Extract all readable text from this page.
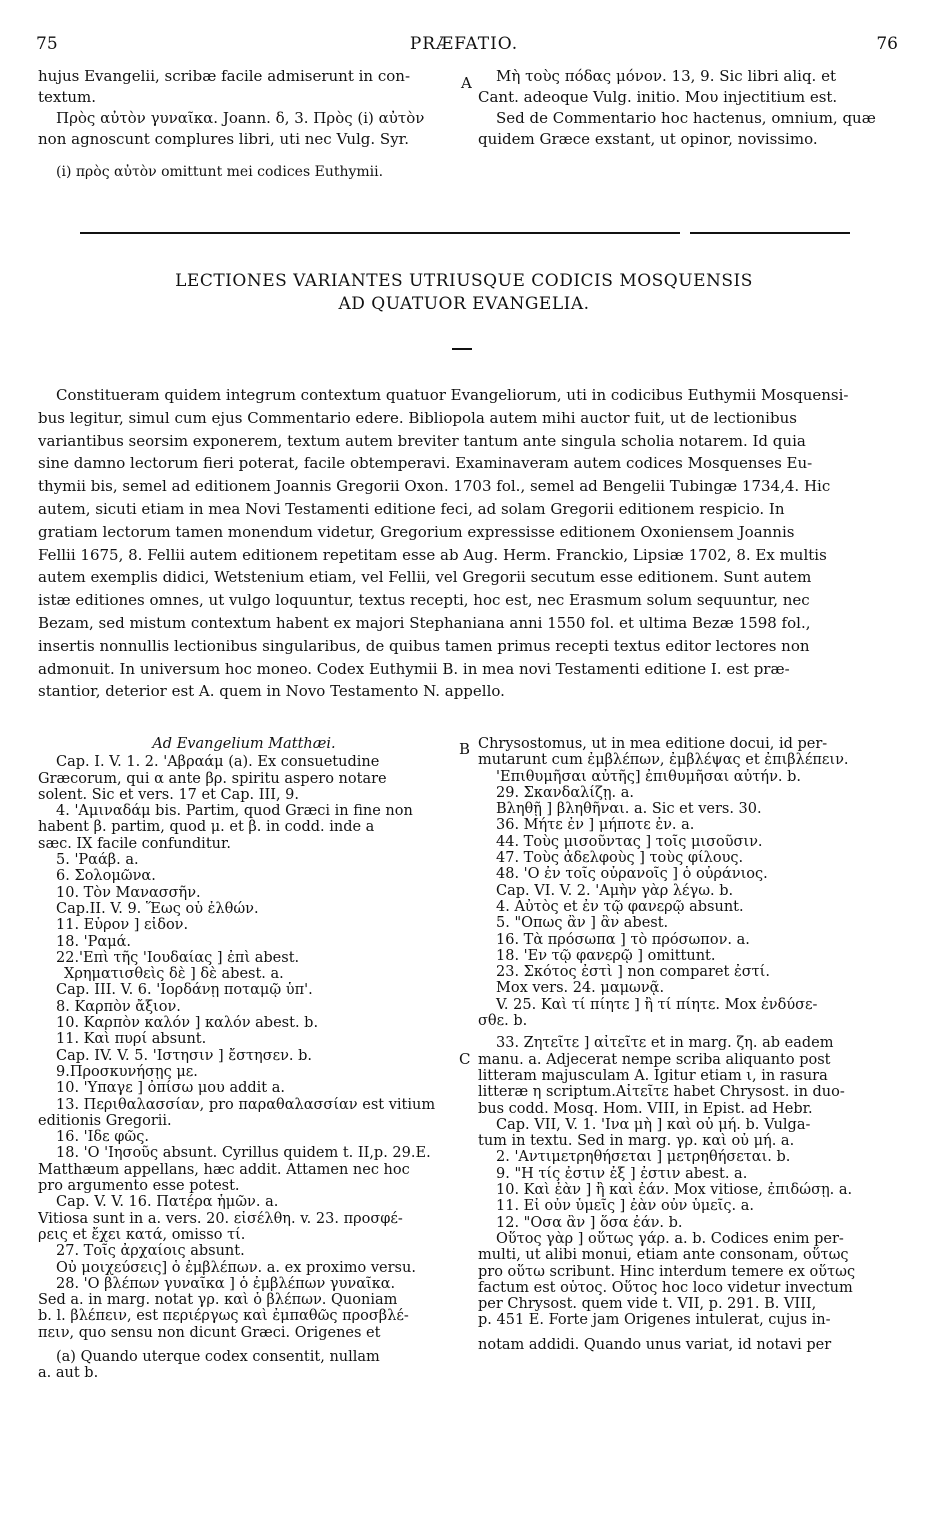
PRÆFATIO.
75	76
hujus Evangelii, scribæ facile admiserunt in con-
textum.
Πρὸς αὐτὸν γυναῖκα. Joann. δ, 3. Πρὸς (i) αὐτὸν
non agnoscunt complures libri, uti nec Vulg. Syr.
(i) πρὸς αὐτὸν omittunt mei codices Euthymii.
A	Μὴ τοὺς πόδας μόνον. 13, 9. Sic libri aliq. et
Cant. adeoque Vulg. initio. Μου injectitium est.
Sed de Commentario hoc hactenus, omnium, quæ
quidem Græce exstant, ut opinor, novissimo.
LECTIONES VARIANTES UTRIUSQUE CODICIS MOSQUENSIS
AD QUATUOR EVANGELIA.
Constitueram quidem integrum contextum quatuor Evangeliorum, uti in codicibus Euthymii Mosquensi-
bus legitur, simul cum ejus Commentario edere. Bibliopola autem mihi auctor fuit, ut de lectionibus
variantibus seorsim exponerem, textum autem breviter tantum ante singula scholia notarem. Id quia
sine damno lectorum fieri poterat, facile obtemperavi. Examinaveram autem codices Mosquenses Eu-
thymii bis, semel ad editionem Joannis Gregorii Oxon. 1703 fol., semel ad Bengelii Tubingæ 1734,4. Hic
autem, sicuti etiam in mea Novi Testamenti editione feci, ad solam Gregorii editionem respicio. In
gratiam lectorum tamen monendum videtur, Gregorium expressisse editionem Oxoniensem Joannis
Fellii 1675, 8. Fellii autem editionem repetitam esse ab Aug. Herm. Franckio, Lipsiæ 1702, 8. Ex multis
autem exemplis didici, Wetstenium etiam, vel Fellii, vel Gregorii secutum esse editionem. Sunt autem
istæ editiones omnes, ut vulgo loquuntur, textus recepti, hoc est, nec Erasmum solum sequuntur, nec
Bezam, sed mistum contextum habent ex majori Stephaniana anni 1550 fol. et ultima Bezæ 1598 fol.,
insertis nonnullis lectionibus singularibus, de quibus tamen primus recepti textus editor lectores non
admonuit. In universum hoc moneo. Codex Euthymii B. in mea novi Testamenti editione I. est præ-
stantior, deterior est A. quem in Novo Testamento N. appello.
Ad Evangelium Matthæi.
Cap. I. V. 1. 2. 'Αβραάμ (a). Ex consuetudine
Græcorum, qui α ante βρ. spiritu aspero notare
solent. Sic et vers. 17 et Cap. III, 9.
4. 'Αμιναδάμ bis. Partim, quod Græci in fine non
habent β. partim, quod μ. et β. in codd. inde a
sæc. IX facile confunditur.
5. 'Ραάβ. a.
6. Σολομῶνα.
10. Τὸν Μανασσῆν.
Cap.II. V. 9. Ἕως οὗ ἐλθών.
11. Εὗρον ] εἶδον.
18. 'Ραμά.
22.'Επὶ τῆς 'Ιουδαίας ] ἐπὶ abest.
Χρηματισθεὶς δὲ ] δὲ abest. a.
Cap. III. V. 6. 'Ιορδάνῃ ποταμῷ ὑπ'.
8. Καρπὸν ἄξιον.
10. Καρπὸν καλόν ] καλόν abest. b.
11. Καὶ πυρί absunt.
Cap. IV. V. 5. 'Ιστησιν ] ἔστησεν. b.
9.Προσκυνήσῃς με.
10. 'Υπαγε ] ὀπίσω μου addit a.
13. Περιθαλασσίαν, pro παραθαλασσίαν est vitium
editionis Gregorii.
16. 'Ιδε φῶς.
18. 'Ο 'Ιησοῦς absunt. Cyrillus quidem t. II,p. 29.E.
Matthæum appellans, hæc addit. Attamen nec hoc
pro argumento esse potest.
Cap. V. V. 16. Πατέρα ἡμῶν. a.
Vitiosa sunt in a. vers. 20. εἰσέλθη. v. 23. προσφέ-
ρεις et ἔχει κατά, omisso τί.
27. Τοῖς ἀρχαίοις absunt.
Οὐ μοιχεύσεις] ὁ ἐμβλέπων. a. ex proximo versu.
28. 'Ο βλέπων γυναῖκα ] ὁ ἐμβλέπων γυναῖκα.
Sed a. in marg. notat γρ. καὶ ὁ βλέπων. Quoniam
b. l. βλέπειν, est περιέργως καὶ ἐμπαθῶς προσβλέ-
πειν, quo sensu non dicunt Græci. Origenes et
(a) Quando uterque codex consentit, nullam
a. aut b.
B
C
Chrysostomus, ut in mea editione docui, id per-
mutarunt cum ἐμβλέπων, ἐμβλέψας et ἐπιβλέπειν.
'Επιθυμῆσαι αὐτῆς] ἐπιθυμῆσαι αὐτήν. b.
29. Σκανδαλίζῃ. a.
Βληθῇ ] βληθῆναι. a. Sic et vers. 30.
36. Μήτε ἐν ] μήποτε ἐν. a.
44. Τοὺς μισοῦντας ] τοῖς μισοῦσιν.
47. Τοὺς ἀδελφοὺς ] τοὺς φίλους.
48. 'Ο ἐν τοῖς οὐρανοῖς ] ὁ οὐράνιος.
Cap. VI. V. 2. 'Αμὴν γὰρ λέγω. b.
4. Αὐτὸς et ἐν τῷ φανερῷ absunt.
5. "Οπως ἂν ] ἂν abest.
16. Τὰ πρόσωπα ] τὸ πρόσωπον. a.
18. 'Εν τῷ φανερῷ ] omittunt.
23. Σκότος ἐστὶ ] non comparet ἐστί.
Mox vers. 24. μαμωνᾷ.
V. 25. Καὶ τί πίητε ] ἢ τί πίητε. Mox ἐνδύσε-
σθε. b.
33. Ζητεῖτε ] αἰτεῖτε et in marg. ζη. ab eadem
manu. a. Adjecerat nempe scriba aliquanto post
litteram majusculam A. Igitur etiam ι, in rasura
litteræ η scriptum.Αἰτεῖτε habet Chrysost. in duo-
bus codd. Mosq. Hom. VIII, in Epist. ad Hebr.
Cap. VII, V. 1. 'Ινα μὴ ] καὶ οὐ μή. b. Vulga-
tum in textu. Sed in marg. γρ. καὶ οὐ μή. a.
2. 'Αντιμετρηθήσεται ] μετρηθήσεται. b.
9. "Η τίς ἐστιν ἐξ ] ἐστιν abest. a.
10. Καὶ ἐὰν ] ἢ καὶ ἐάν. Mox vitiose, ἐπιδώσῃ. a.
11. Εἰ οὖν ὑμεῖς ] ἐὰν οὖν ὑμεῖς. a.
12. "Οσα ἂν ] ὅσα ἐάν. b.
Οὕτος γὰρ ] οὕτως γάρ. a. b. Codices enim per-
multi, ut alibi monui, etiam ante consonam, οὕτως
pro οὕτω scribunt. Hinc interdum temere ex οὕτως
factum est οὗτος. Οὕτος hoc loco videtur invectum
per Chrysost. quem vide t. VII, p. 291. B. VIII,
p. 451 E. Forte jam Origenes intulerat, cujus in-
notam addidi. Quando unus variat, id notavi per
